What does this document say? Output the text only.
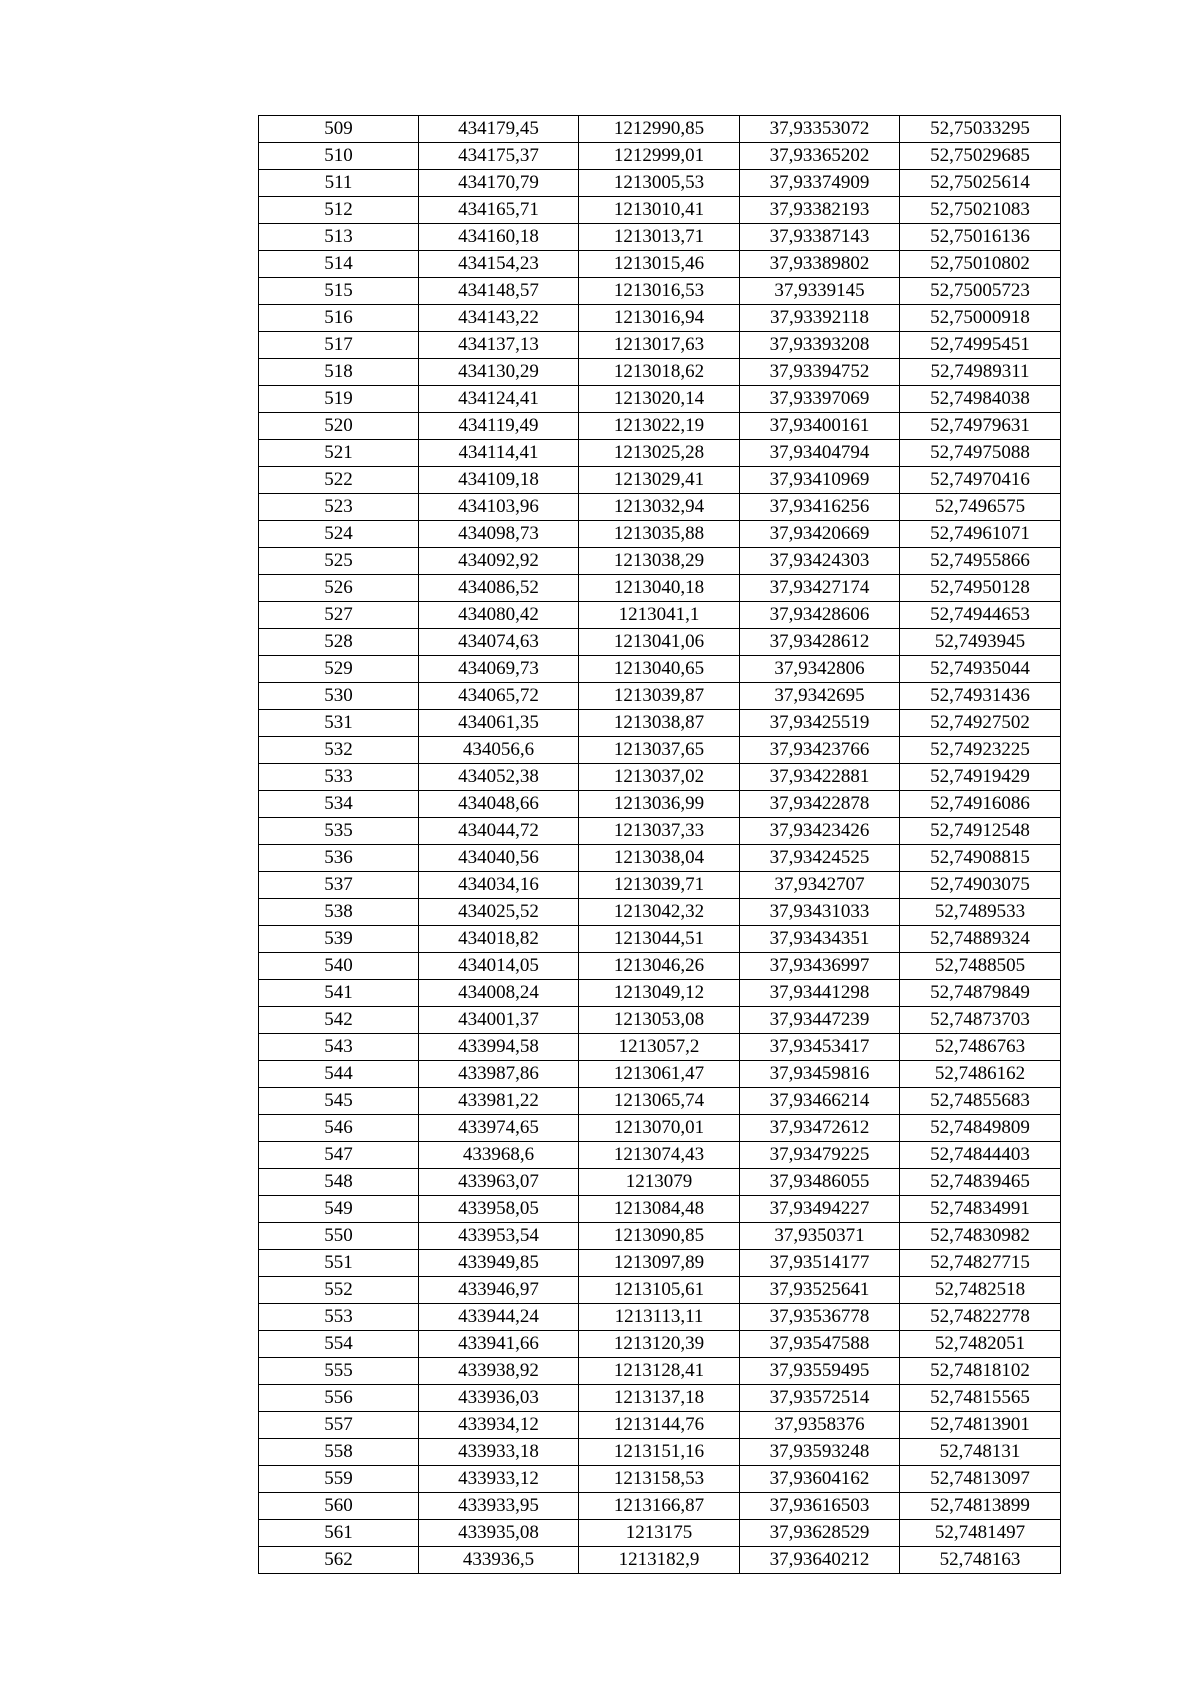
509	434179,45	1212990,85	37,93353072	52,75033295
510	434175,37	1212999,01	37,93365202	52,75029685
511	434170,79	1213005,53	37,93374909	52,75025614
512	434165,71	1213010,41	37,93382193	52,75021083
513	434160,18	1213013,71	37,93387143	52,75016136
514	434154,23	1213015,46	37,93389802	52,75010802
515	434148,57	1213016,53	37,9339145	52,75005723
516	434143,22	1213016,94	37,93392118	52,75000918
517	434137,13	1213017,63	37,93393208	52,74995451
518	434130,29	1213018,62	37,93394752	52,74989311
519	434124,41	1213020,14	37,93397069	52,74984038
520	434119,49	1213022,19	37,93400161	52,74979631
521	434114,41	1213025,28	37,93404794	52,74975088
522	434109,18	1213029,41	37,93410969	52,74970416
523	434103,96	1213032,94	37,93416256	52,7496575
524	434098,73	1213035,88	37,93420669	52,74961071
525	434092,92	1213038,29	37,93424303	52,74955866
526	434086,52	1213040,18	37,93427174	52,74950128
527	434080,42	1213041,1	37,93428606	52,74944653
528	434074,63	1213041,06	37,93428612	52,7493945
529	434069,73	1213040,65	37,9342806	52,74935044
530	434065,72	1213039,87	37,9342695	52,74931436
531	434061,35	1213038,87	37,93425519	52,74927502
532	434056,6	1213037,65	37,93423766	52,74923225
533	434052,38	1213037,02	37,93422881	52,74919429
534	434048,66	1213036,99	37,93422878	52,74916086
535	434044,72	1213037,33	37,93423426	52,74912548
536	434040,56	1213038,04	37,93424525	52,74908815
537	434034,16	1213039,71	37,9342707	52,74903075
538	434025,52	1213042,32	37,93431033	52,7489533
539	434018,82	1213044,51	37,93434351	52,74889324
540	434014,05	1213046,26	37,93436997	52,7488505
541	434008,24	1213049,12	37,93441298	52,74879849
542	434001,37	1213053,08	37,93447239	52,74873703
543	433994,58	1213057,2	37,93453417	52,7486763
544	433987,86	1213061,47	37,93459816	52,7486162
545	433981,22	1213065,74	37,93466214	52,74855683
546	433974,65	1213070,01	37,93472612	52,74849809
547	433968,6	1213074,43	37,93479225	52,74844403
548	433963,07	1213079	37,93486055	52,74839465
549	433958,05	1213084,48	37,93494227	52,74834991
550	433953,54	1213090,85	37,9350371	52,74830982
551	433949,85	1213097,89	37,93514177	52,74827715
552	433946,97	1213105,61	37,93525641	52,7482518
553	433944,24	1213113,11	37,93536778	52,74822778
554	433941,66	1213120,39	37,93547588	52,7482051
555	433938,92	1213128,41	37,93559495	52,74818102
556	433936,03	1213137,18	37,93572514	52,74815565
557	433934,12	1213144,76	37,9358376	52,74813901
558	433933,18	1213151,16	37,93593248	52,748131
559	433933,12	1213158,53	37,93604162	52,74813097
560	433933,95	1213166,87	37,93616503	52,74813899
561	433935,08	1213175	37,93628529	52,7481497
562	433936,5	1213182,9	37,93640212	52,748163
